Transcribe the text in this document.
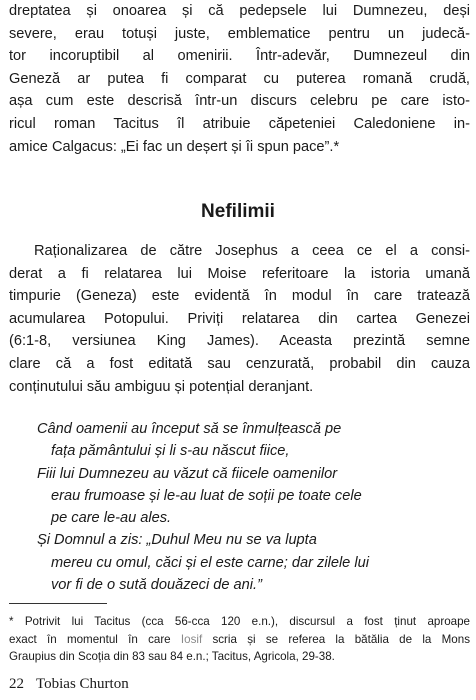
dreptatea și onoarea și că pedepsele lui Dumnezeu, deși
severe, erau totuși juste, emblematice pentru un judecă-
tor incoruptibil al omenirii. Într-adevăr, Dumnezeul din
Geneză ar putea fi comparat cu puterea romană crudă,
așa cum este descrisă într-un discurs celebru pe care isto-
ricul roman Tacitus îl atribuie căpeteniei Caledoniene in-
amice Calgacus: „Ei fac un deșert și îi spun pace”.*

Nefilimii

Raționalizarea de către Josephus a ceea ce el a consi-
derat a fi relatarea lui Moise referitoare la istoria umană
timpurie (Geneza) este evidentă în modul în care tratează
acumularea Potopului. Priviți relatarea din cartea Genezei
(6:1-8, versiunea King James). Aceasta prezintă semne
clare că a fost editată sau cenzurată, probabil din cauza
conținutului său ambiguu și potențial deranjant.

Când oamenii au început să se înmulțească pe
fața pământului și li s-au născut fiice,
Fiii lui Dumnezeu au văzut că fiicele oamenilor
erau frumoase și le-au luat de soții pe toate cele
pe care le-au ales.
Și Domnul a zis: „Duhul Meu nu se va lupta
mereu cu omul, căci și el este carne; dar zilele lui
vor fi de o sută douăzeci de ani.”

* Potrivit lui Tacitus (cca 56-cca 120 e.n.), discursul a fost ținut aproape
exact în momentul în care Iosif scria și se referea la bătălia de la Mons
Graupius din Scoția din 83 sau 84 e.n.; Tacitus, Agricola, 29-38.

22 Tobias Churton
